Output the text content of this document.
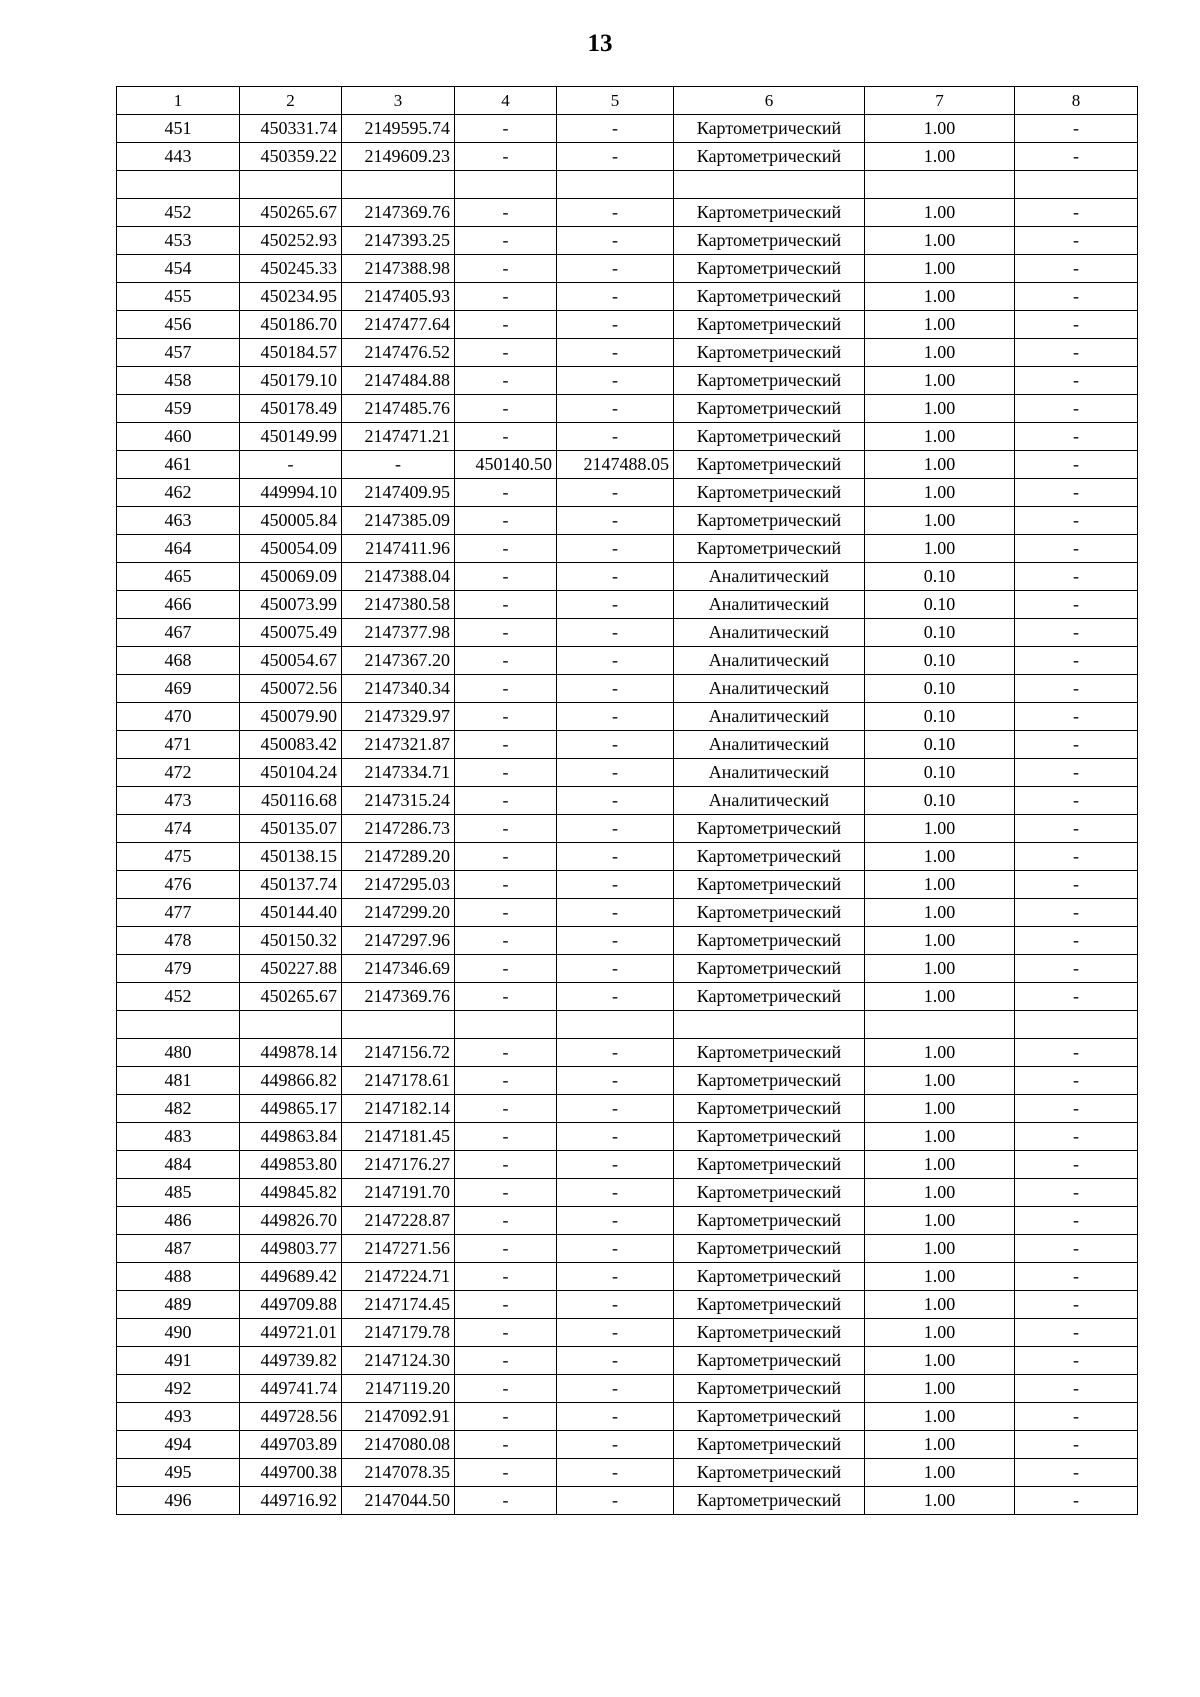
13
1	2	3	4	5	6	7	8
451	450331.74	2149595.74	-	-	Картометрический	1.00	-
443	450359.22	2149609.23	-	-	Картометрический	1.00	-

452	450265.67	2147369.76	-	-	Картометрический	1.00	-
453	450252.93	2147393.25	-	-	Картометрический	1.00	-
454	450245.33	2147388.98	-	-	Картометрический	1.00	-
455	450234.95	2147405.93	-	-	Картометрический	1.00	-
456	450186.70	2147477.64	-	-	Картометрический	1.00	-
457	450184.57	2147476.52	-	-	Картометрический	1.00	-
458	450179.10	2147484.88	-	-	Картометрический	1.00	-
459	450178.49	2147485.76	-	-	Картометрический	1.00	-
460	450149.99	2147471.21	-	-	Картометрический	1.00	-
461	-	-	450140.50	2147488.05	Картометрический	1.00	-
462	449994.10	2147409.95	-	-	Картометрический	1.00	-
463	450005.84	2147385.09	-	-	Картометрический	1.00	-
464	450054.09	2147411.96	-	-	Картометрический	1.00	-
465	450069.09	2147388.04	-	-	Аналитический	0.10	-
466	450073.99	2147380.58	-	-	Аналитический	0.10	-
467	450075.49	2147377.98	-	-	Аналитический	0.10	-
468	450054.67	2147367.20	-	-	Аналитический	0.10	-
469	450072.56	2147340.34	-	-	Аналитический	0.10	-
470	450079.90	2147329.97	-	-	Аналитический	0.10	-
471	450083.42	2147321.87	-	-	Аналитический	0.10	-
472	450104.24	2147334.71	-	-	Аналитический	0.10	-
473	450116.68	2147315.24	-	-	Аналитический	0.10	-
474	450135.07	2147286.73	-	-	Картометрический	1.00	-
475	450138.15	2147289.20	-	-	Картометрический	1.00	-
476	450137.74	2147295.03	-	-	Картометрический	1.00	-
477	450144.40	2147299.20	-	-	Картометрический	1.00	-
478	450150.32	2147297.96	-	-	Картометрический	1.00	-
479	450227.88	2147346.69	-	-	Картометрический	1.00	-
452	450265.67	2147369.76	-	-	Картометрический	1.00	-

480	449878.14	2147156.72	-	-	Картометрический	1.00	-
481	449866.82	2147178.61	-	-	Картометрический	1.00	-
482	449865.17	2147182.14	-	-	Картометрический	1.00	-
483	449863.84	2147181.45	-	-	Картометрический	1.00	-
484	449853.80	2147176.27	-	-	Картометрический	1.00	-
485	449845.82	2147191.70	-	-	Картометрический	1.00	-
486	449826.70	2147228.87	-	-	Картометрический	1.00	-
487	449803.77	2147271.56	-	-	Картометрический	1.00	-
488	449689.42	2147224.71	-	-	Картометрический	1.00	-
489	449709.88	2147174.45	-	-	Картометрический	1.00	-
490	449721.01	2147179.78	-	-	Картометрический	1.00	-
491	449739.82	2147124.30	-	-	Картометрический	1.00	-
492	449741.74	2147119.20	-	-	Картометрический	1.00	-
493	449728.56	2147092.91	-	-	Картометрический	1.00	-
494	449703.89	2147080.08	-	-	Картометрический	1.00	-
495	449700.38	2147078.35	-	-	Картометрический	1.00	-
496	449716.92	2147044.50	-	-	Картометрический	1.00	-
